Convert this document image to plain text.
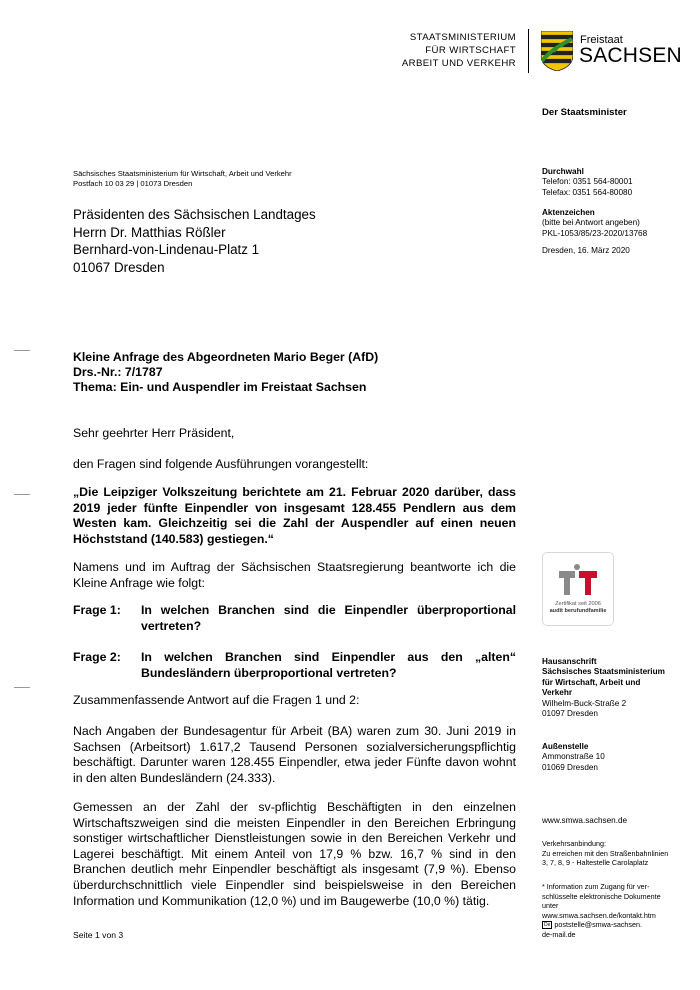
STAATSMINISTERIUM
FÜR WIRTSCHAFT
ARBEIT UND VERKEHR
Freistaat
SACHSEN
Der Staatsminister
Sächsisches Staatsministerium für Wirtschaft, Arbeit und Verkehr
Postfach 10 03 29 | 01073 Dresden
Präsidenten des Sächsischen Landtages
Herrn Dr. Matthias Rößler
Bernhard-von-Lindenau-Platz 1
01067 Dresden
Durchwahl
Telefon: 0351 564-80001
Telefax: 0351 564-80080
Aktenzeichen
(bitte bei Antwort angeben)
PKL-1053/85/23-2020/13768
Dresden, 16. März 2020
Kleine Anfrage des Abgeordneten Mario Beger (AfD)
Drs.-Nr.: 7/1787
Thema: Ein- und Auspendler im Freistaat Sachsen
Sehr geehrter Herr Präsident,
den Fragen sind folgende Ausführungen vorangestellt:
„Die Leipziger Volkszeitung berichtete am 21. Februar 2020 darüber, dass 2019 jeder fünfte Einpendler von insgesamt 128.455 Pendlern aus dem Westen kam. Gleichzeitig sei die Zahl der Auspendler auf einen neuen Höchststand (140.583) gestiegen.“
Namens und im Auftrag der Sächsischen Staatsregierung beantworte ich die Kleine Anfrage wie folgt:
Frage 1: In welchen Branchen sind die Einpendler überproportional vertreten?
Frage 2: In welchen Branchen sind Einpendler aus den „alten“ Bundesländern überproportional vertreten?
Zusammenfassende Antwort auf die Fragen 1 und 2:
Nach Angaben der Bundesagentur für Arbeit (BA) waren zum 30. Juni 2019 in Sachsen (Arbeitsort) 1.617,2 Tausend Personen sozialversicherungspflichtig beschäftigt. Darunter waren 128.455 Einpendler, etwa jeder Fünfte davon wohnt in den alten Bundesländern (24.333).
Gemessen an der Zahl der sv-pflichtig Beschäftigten in den einzelnen Wirtschaftszweigen sind die meisten Einpendler in den Bereichen Erbringung sonstiger wirtschaftlicher Dienstleistungen sowie in den Bereichen Verkehr und Lagerei beschäftigt. Mit einem Anteil von 17,9 % bzw. 16,7 % sind in den Branchen deutlich mehr Einpendler beschäftigt als insgesamt (7,9 %). Ebenso überdurchschnittlich viele Einpendler sind beispielsweise in den Bereichen Information und Kommunikation (12,0 %) und im Baugewerbe (10,0 %) tätig.
Zertifikat seit 2006
audit berufundfamilie
Hausanschrift
Sächsisches Staatsministerium
für Wirtschaft, Arbeit und
Verkehr
Wilhelm-Buck-Straße 2
01097 Dresden
Außenstelle
Ammonstraße 10
01069 Dresden
www.smwa.sachsen.de
Verkehrsanbindung:
Zu erreichen mit den Straßenbahnlinien
3, 7, 8, 9 - Haltestelle Carolaplatz
* Information zum Zugang für ver-
schlüsselte elektronische Dokumente
unter
www.smwa.sachsen.de/kontakt.htm
De poststelle@smwa-sachsen.
de-mail.de
Seite 1 von 3
